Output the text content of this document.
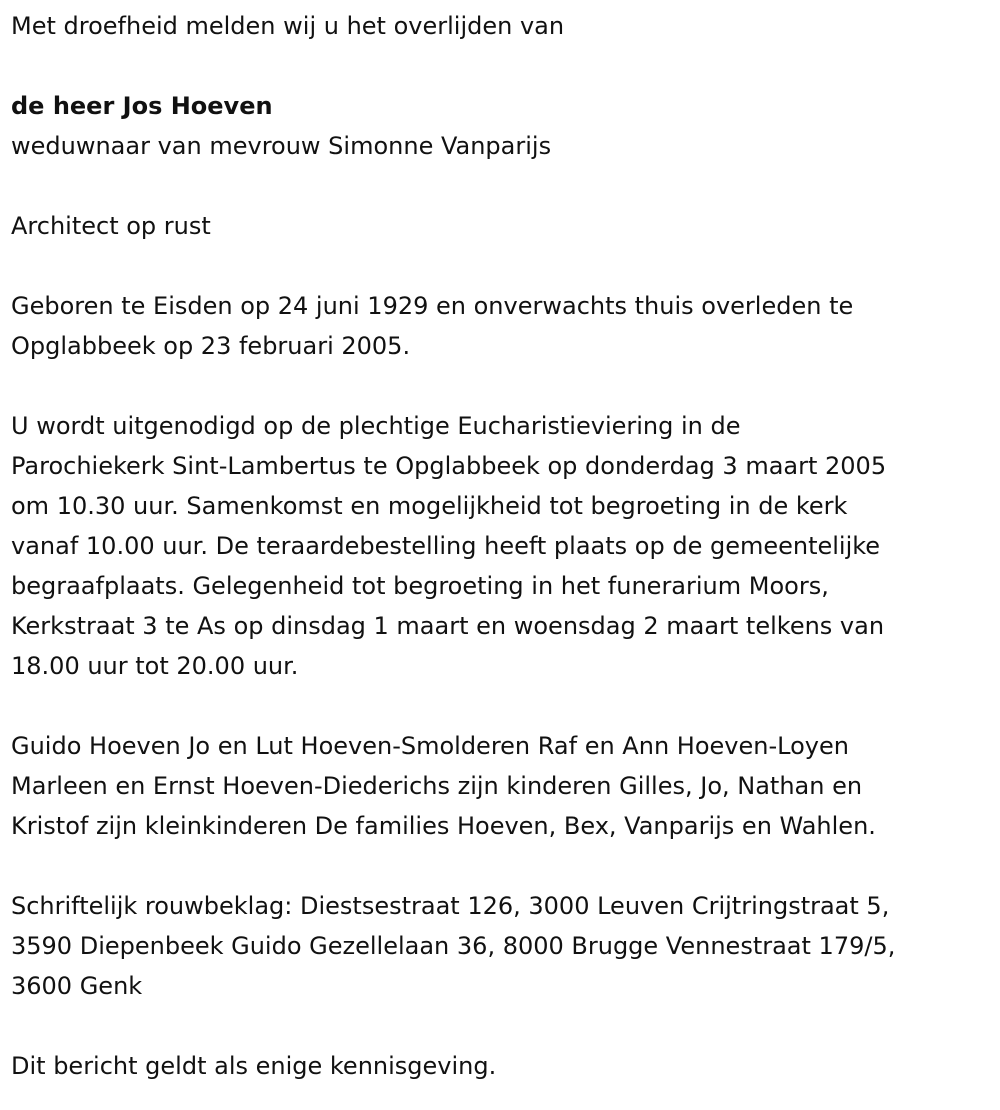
Met droefheid melden wij u het overlijden van

de heer Jos Hoeven

weduwnaar van mevrouw Simonne Vanparijs

Architect op rust

Geboren te Eisden op 24 juni 1929 en onverwachts thuis overleden te
Opglabbeek op 23 februari 2005.

U wordt uitgenodigd op de plechtige Eucharistieviering in de
Parochiekerk Sint-Lambertus te Opglabbeek op donderdag 3 maart 2005
om 10.30 uur. Samenkomst en mogelijkheid tot begroeting in de kerk
vanaf 10.00 uur. De teraardebestelling heeft plaats op de gemeentelijke
begraafplaats. Gelegenheid tot begroeting in het funerarium Moors,
Kerkstraat 3 te As op dinsdag 1 maart en woensdag 2 maart telkens van
18.00 uur tot 20.00 uur.

Guido Hoeven Jo en Lut Hoeven-Smolderen Raf en Ann Hoeven-Loyen
Marleen en Ernst Hoeven-Diederichs zijn kinderen Gilles, Jo, Nathan en
Kristof zijn kleinkinderen De families Hoeven, Bex, Vanparijs en Wahlen.

Schriftelijk rouwbeklag: Diestsestraat 126, 3000 Leuven Crijtringstraat 5,
3590 Diepenbeek Guido Gezellelaan 36, 8000 Brugge Vennestraat 179/5,
3600 Genk

Dit bericht geldt als enige kennisgeving.
